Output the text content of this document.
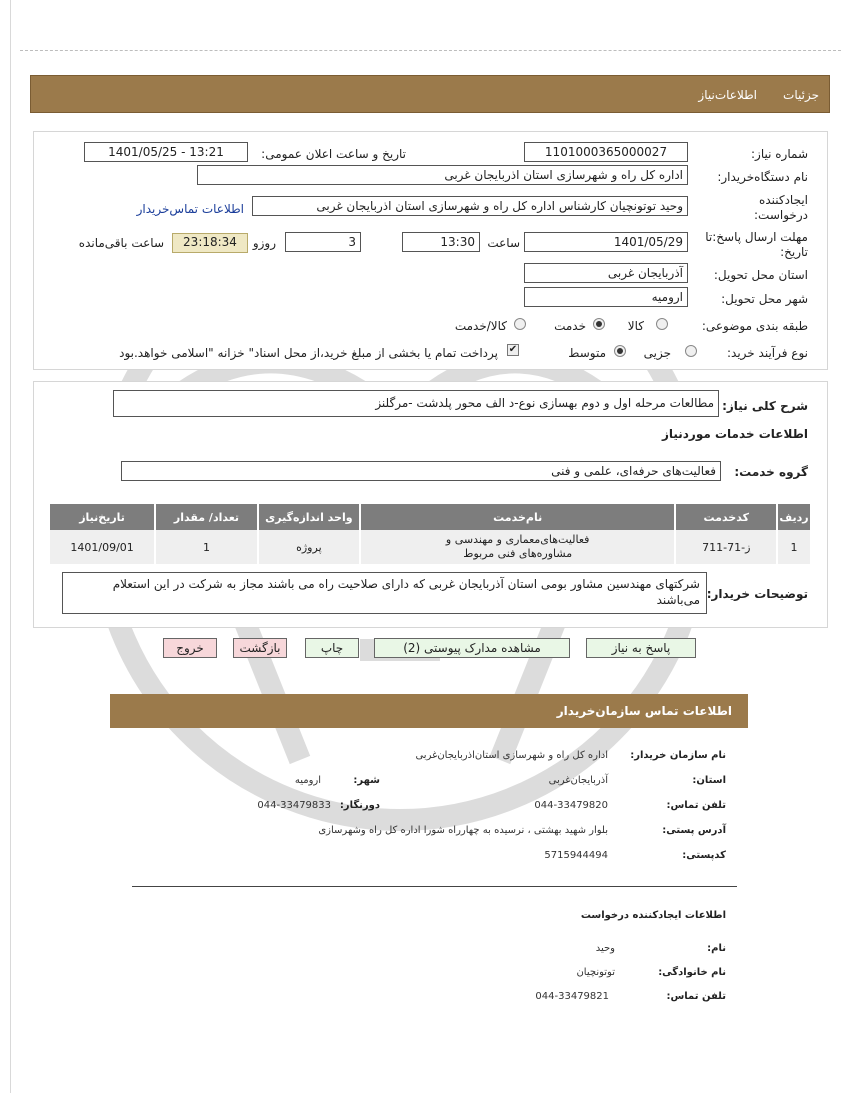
جزئیات
اطلاعات‌نیاز
شماره نیاز:
1101000365000027
تاریخ و ساعت اعلان عمومی:
1401/05/25 - 13:21
نام دستگاه‌خریدار:
اداره کل راه و شهرسازی استان اذربایجان غربی
ایجادکننده
درخواست:
وحید توتونچیان کارشناس اداره کل راه و شهرسازی استان اذربایجان غربی
اطلاعات تماس‌خریدار
مهلت ارسال پاسخ:تا
تاریخ:
1401/05/29
ساعت
13:30
3
روزو
23:18:34
ساعت باقی‌مانده
استان محل تحویل:
آذربایجان غربی
شهر محل تحویل:
ارومیه
طبقه بندی موضوعی:
کالا
خدمت
کالا/خدمت
نوع فرآیند خرید:
جزیی
متوسط
✔
پرداخت تمام یا بخشی از مبلغ خرید،از محل اسناد" خزانه "اسلامی خواهد.بود
شرح کلی نیاز:
مطالعات مرحله اول و دوم بهسازی نوع-د الف محور پلدشت -مرگلنز
اطلاعات خدمات موردنیاز
گروه خدمت:
فعالیت‌های حرفه‌ای، علمی و فنی
ردیف	کدخدمت	نام‌خدمت	واحد اندازه‌گیری	تعداد/ مقدار	تاریخ‌نیاز
1	ز-71-711	فعالیت‌های‌معماری و مهندسی و مشاوره‌های فنی مربوط	پروژه	1	1401/09/01
توضیحات خریدار:
شرکتهای مهندسین مشاور بومی استان آذربایجان غربی که دارای صلاحیت راه می باشند مجاز به شرکت در این استعلام می‌باشند
پاسخ به نیاز
مشاهده مدارک پیوستی (2)
چاپ
بازگشت
خروج
اطلاعات تماس سازمان‌خریدار
نام سازمان خریدار:
اداره کل راه و شهرسازی استان‌اذربایجان‌غربی
استان:
آذربایجان‌غربی
شهر:
ارومیه
تلفن تماس:
044-33479820
دورنگار:
044-33479833
آدرس پستی:
بلوار شهید بهشتی ، نرسیده به چهارراه شورا اداره کل راه وشهرسازی
کدپستی:
5715944494
اطلاعات ایجادکننده درخواست
نام:
وحید
نام خانوادگی:
توتونچیان
تلفن تماس:
044-33479821
